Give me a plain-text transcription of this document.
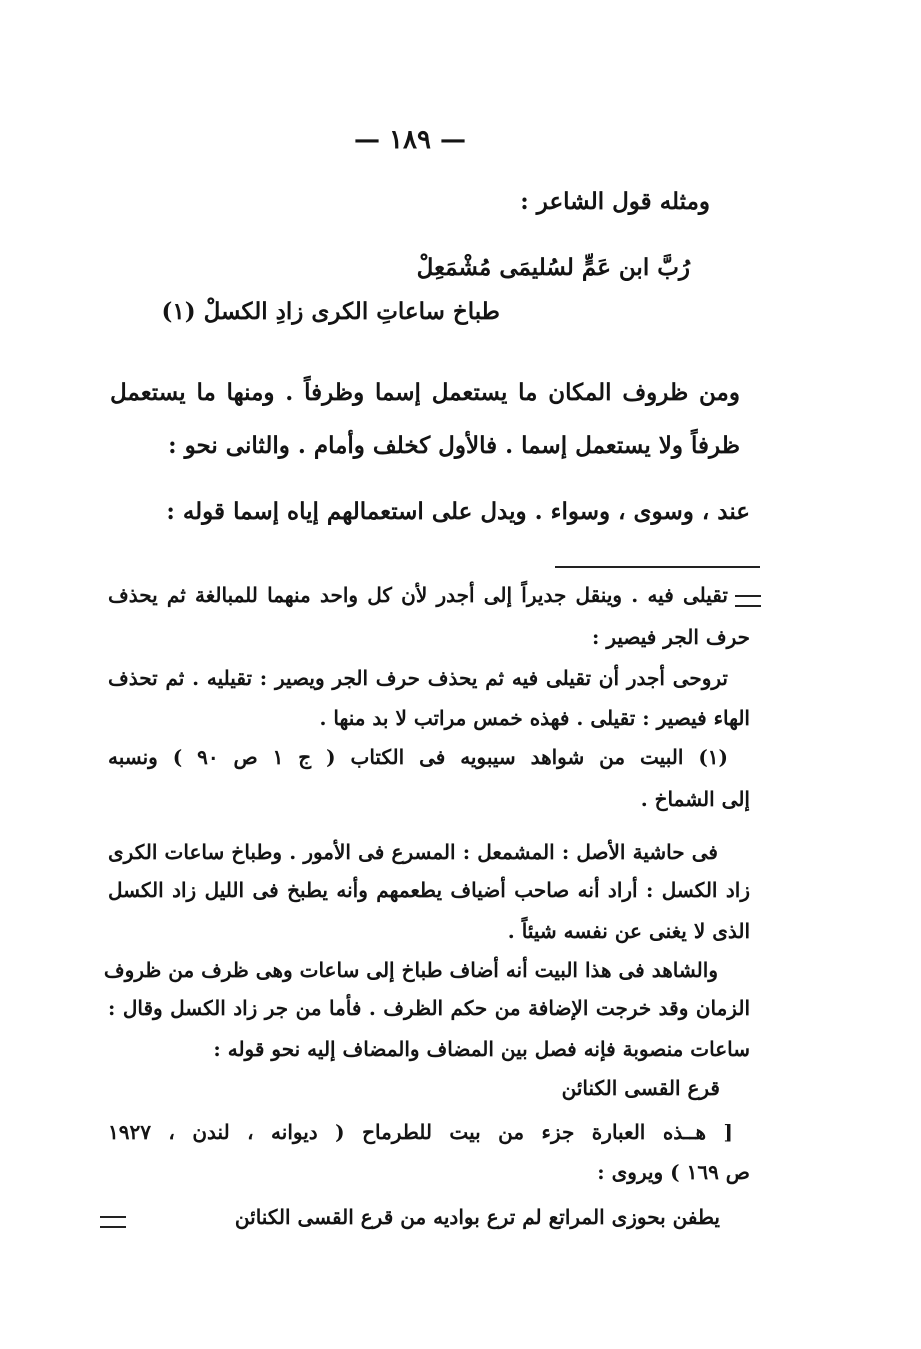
— ١٨٩ —
ومثله قول الشاعر :
رُبَّ ابن عَمٍّ لسُليمَى مُشْمَعِلْ
طباخ ساعاتِ الكرى زادِ الكسلْ (١)
ومن ظروف المكان ما يستعمل إسما وظرفاً . ومنها ما يستعمل
ظرفاً ولا يستعمل إسما . فالأول كخلف وأمام . والثانى نحو :
عند ، وسوى ، وسواء . ويدل على استعمالهم إياه إسما قوله :
تقيلى فيه . وينقل جديراً إلى أجدر لأن كل واحد منهما للمبالغة ثم يحذف
حرف الجر فيصير :
تروحى أجدر أن تقيلى فيه ثم يحذف حرف الجر ويصير : تقيليه . ثم تحذف
الهاء فيصير : تقيلى . فهذه خمس مراتب لا بد منها .
(١) البيت من شواهد سيبويه فى الكتاب ( ج ١ ص ٩٠ ) ونسبه
إلى الشماخ .
فى حاشية الأصل : المشمعل : المسرع فى الأمور . وطباخ ساعات الكرى
زاد الكسل : أراد أنه صاحب أضياف يطعمهم وأنه يطبخ فى الليل زاد الكسل
الذى لا يغنى عن نفسه شيئاً .
والشاهد فى هذا البيت أنه أضاف طباخ إلى ساعات وهى ظرف من ظروف
الزمان وقد خرجت الإضافة من حكم الظرف . فأما من جر زاد الكسل وقال :
ساعات منصوبة فإنه فصل بين المضاف والمضاف إليه نحو قوله :
قرع القسى الكنائن
[ هــذه العبارة جزء من بيت للطرماح ( ديوانه ، لندن ، ١٩٢٧
ص ١٦٩ ) ويروى :
يطفن بحوزى المراتع لم ترع بواديه من قرع القسى الكنائن
